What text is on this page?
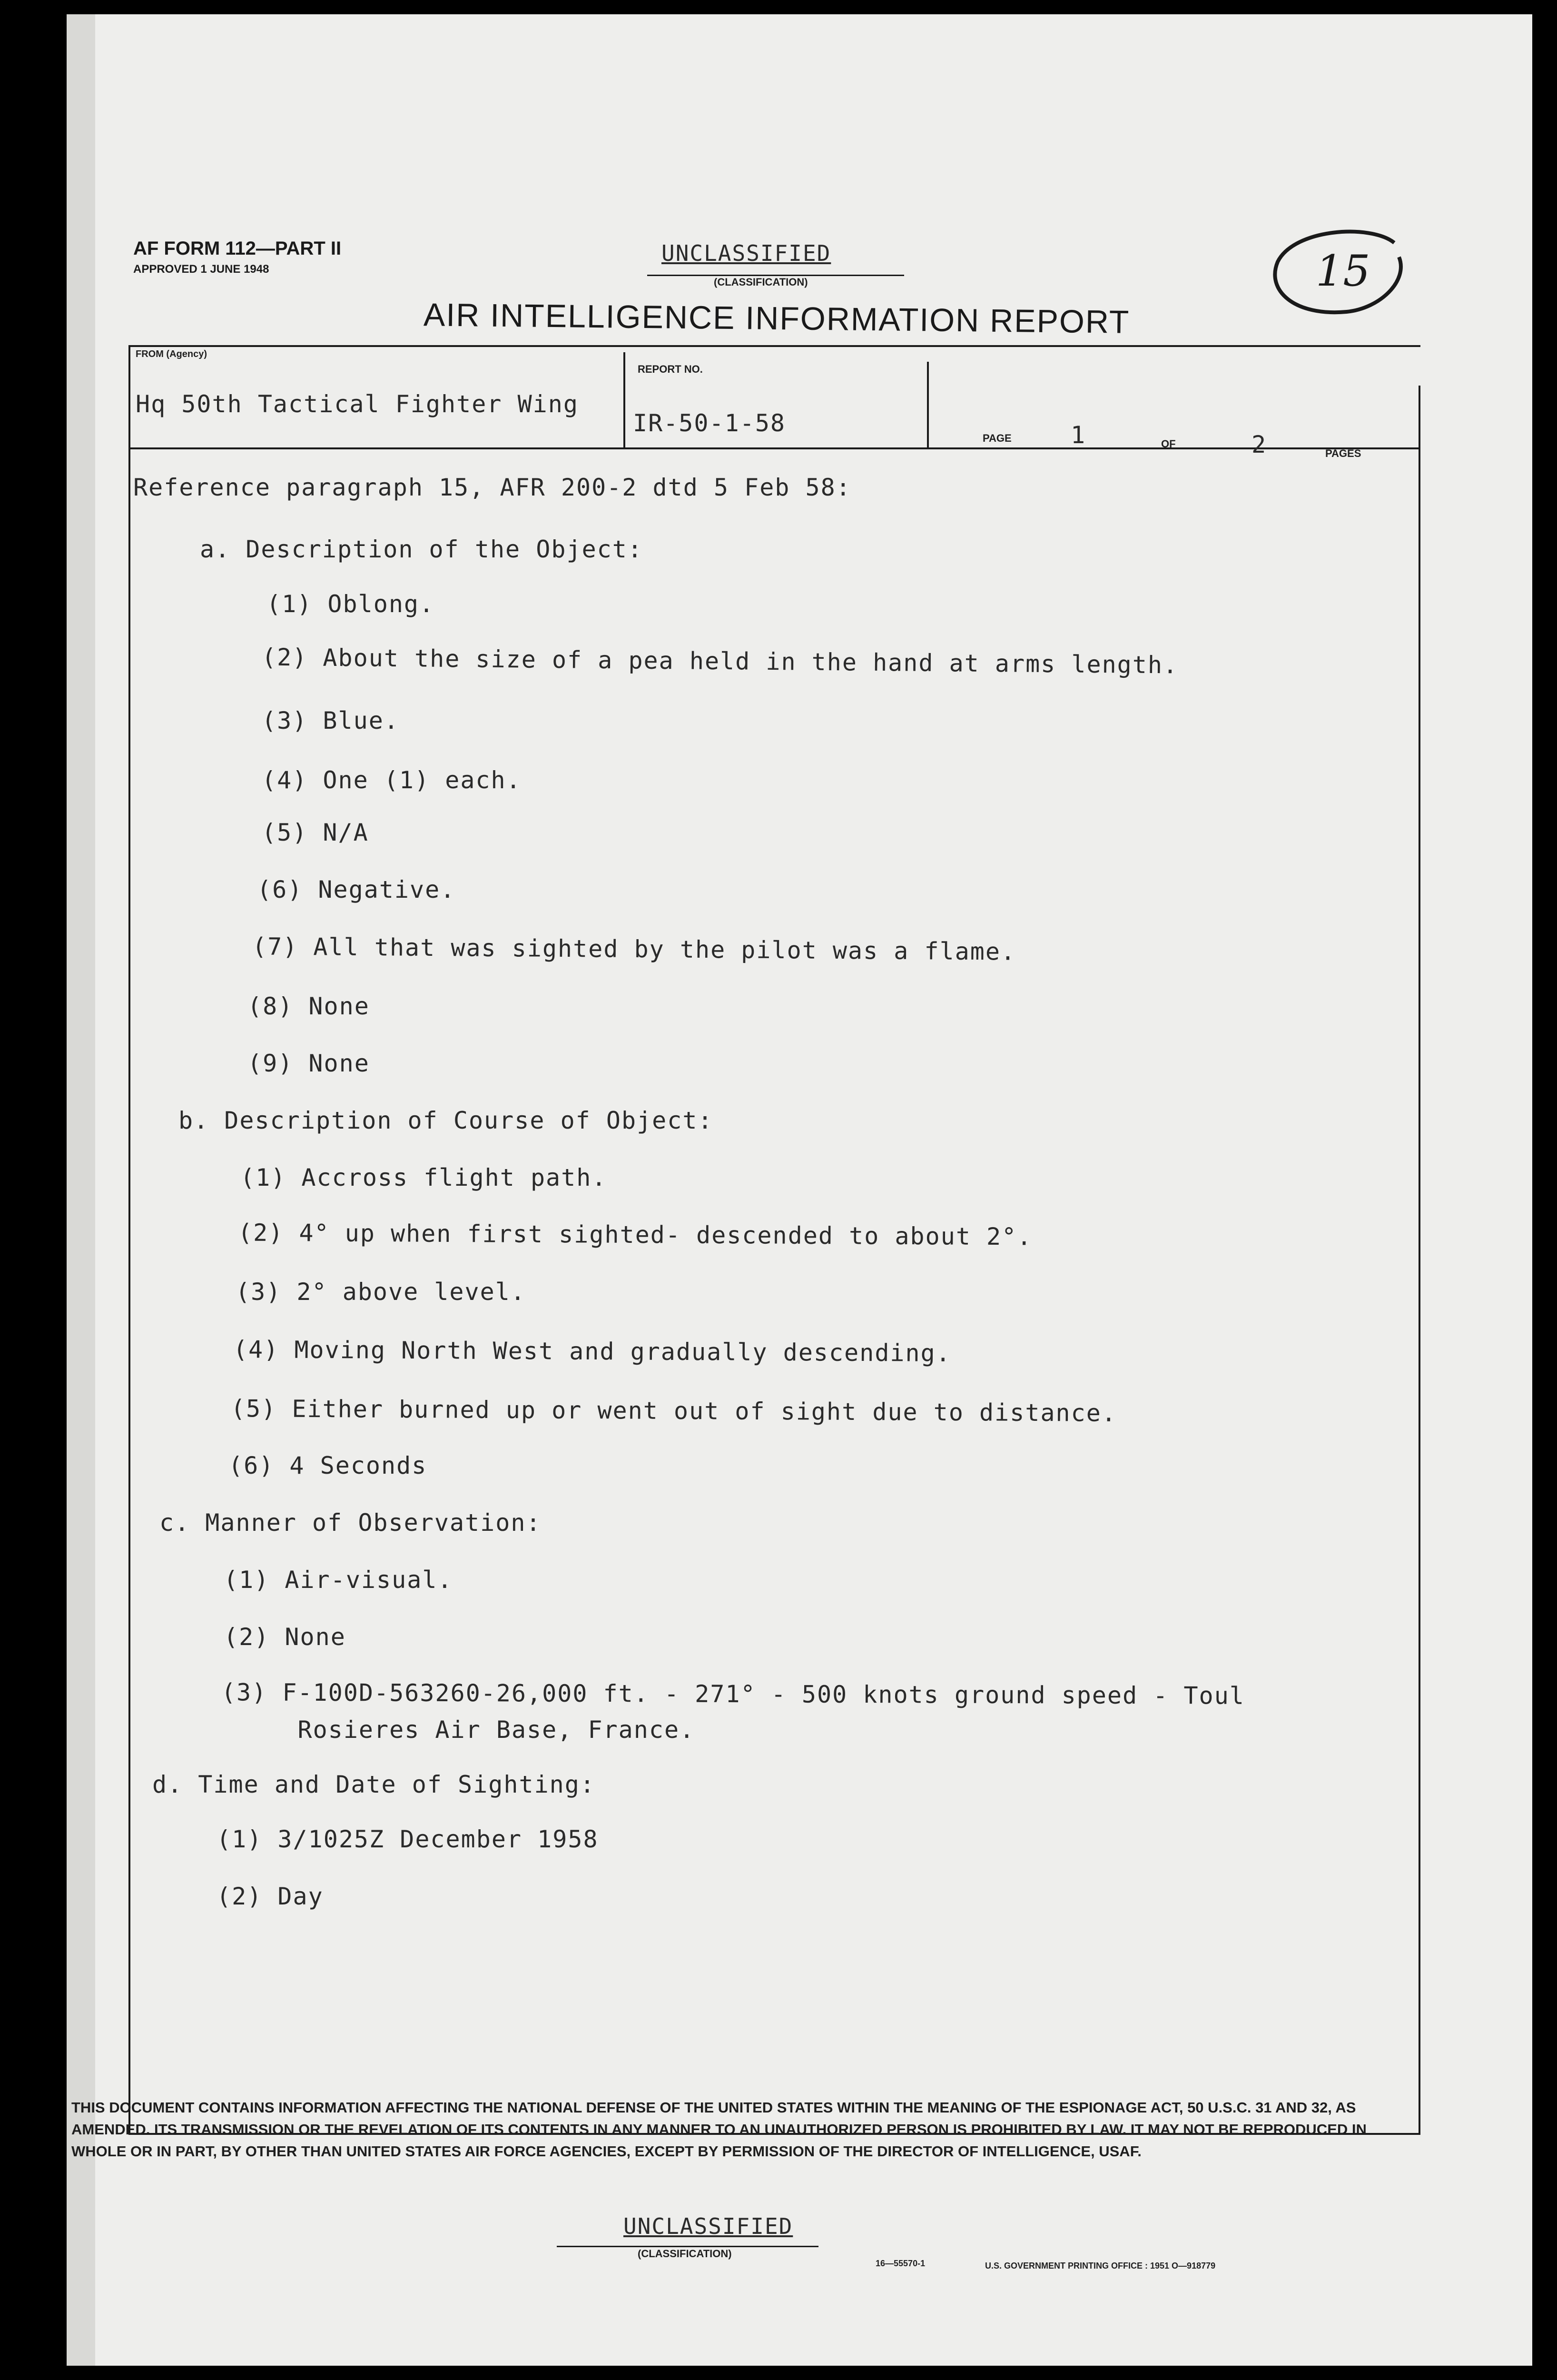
AF FORM 112—PART II
APPROVED 1 JUNE 1948
UNCLASSIFIED
(CLASSIFICATION)
AIR INTELLIGENCE INFORMATION REPORT
15
FROM (Agency)
Hq 50th Tactical Fighter Wing
REPORT NO.
IR-50-1-58
PAGE 1	OF	2	PAGES
Reference paragraph 15, AFR 200-2 dtd 5 Feb 58:
a. Description of the Object:
(1) Oblong.
(2) About the size of a pea held in the hand at arms length.
(3) Blue.
(4) One (1) each.
(5) N/A
(6) Negative.
(7) All that was sighted by the pilot was a flame.
(8) None
(9) None
b. Description of Course of Object:
(1) Accross flight path.
(2) 4° up when first sighted- descended to about 2°.
(3) 2° above level.
(4) Moving North West and gradually descending.
(5) Either burned up or went out of sight due to distance.
(6) 4 Seconds
c. Manner of Observation:
(1) Air-visual.
(2) None
(3) F-100D-563260-26,000 ft. - 271° - 500 knots ground speed - Toul
Rosieres Air Base, France.
d. Time and Date of Sighting:
(1) 3/1025Z December 1958
(2) Day
THIS DOCUMENT CONTAINS INFORMATION AFFECTING THE NATIONAL DEFENSE OF THE UNITED STATES WITHIN THE MEANING OF THE ESPIONAGE ACT, 50 U.S.C. 31 AND 32, AS AMENDED. ITS TRANSMISSION OR THE REVELATION OF ITS CONTENTS IN ANY MANNER TO AN UNAUTHORIZED PERSON IS PROHIBITED BY LAW. IT MAY NOT BE REPRODUCED IN WHOLE OR IN PART, BY OTHER THAN UNITED STATES AIR FORCE AGENCIES, EXCEPT BY PERMISSION OF THE DIRECTOR OF INTELLIGENCE, USAF.
UNCLASSIFIED
(CLASSIFICATION)
16—55570-1	U.S. GOVERNMENT PRINTING OFFICE : 1951 O—918779
